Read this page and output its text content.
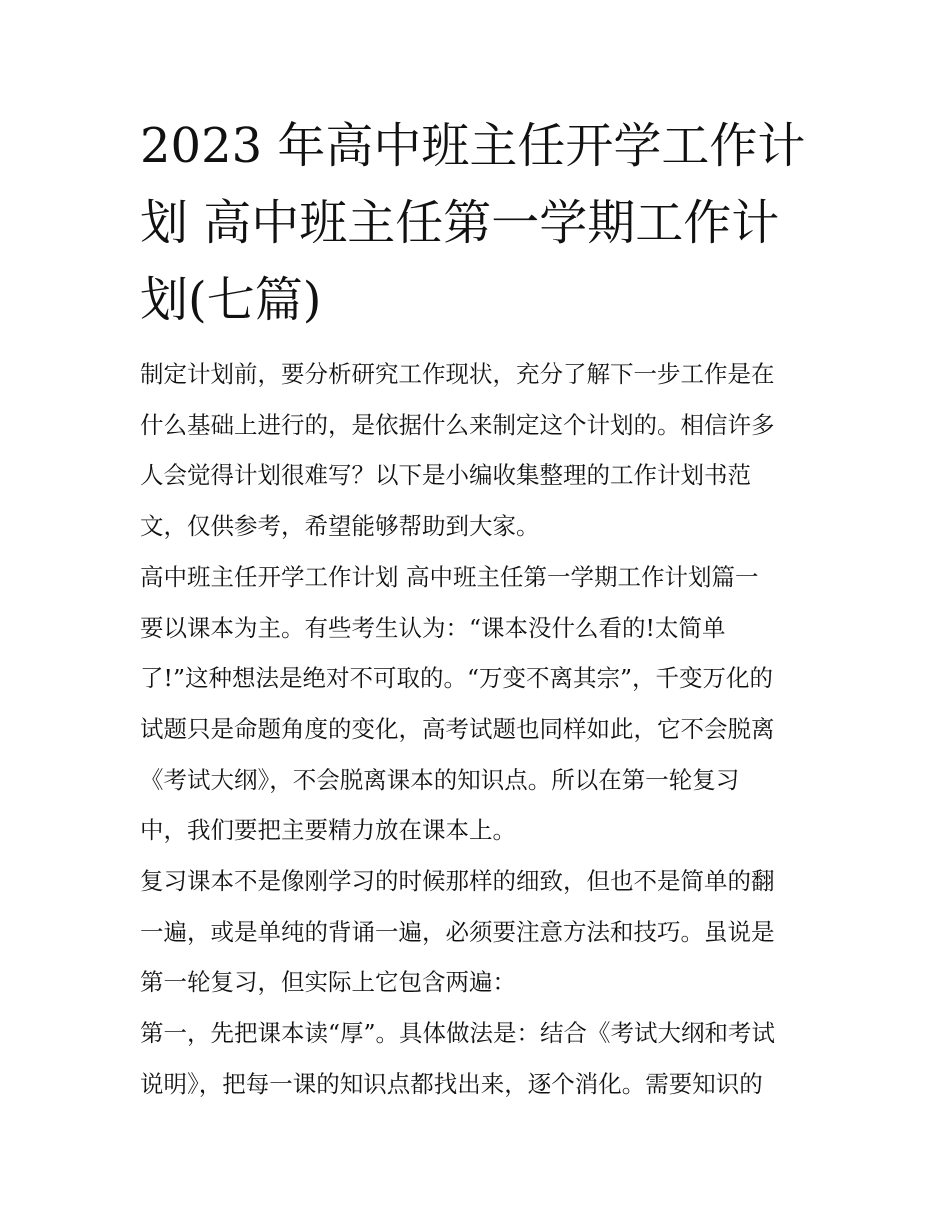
2023 年高中班主任开学工作计
划 高中班主任第一学期工作计
划(七篇)
制定计划前，要分析研究工作现状，充分了解下一步工作是在
什么基础上进行的，是依据什么来制定这个计划的。相信许多
人会觉得计划很难写？以下是小编收集整理的工作计划书范
文，仅供参考，希望能够帮助到大家。
高中班主任开学工作计划 高中班主任第一学期工作计划篇一
要以课本为主。有些考生认为：“课本没什么看的!太简单
了!”这种想法是绝对不可取的。“万变不离其宗”，千变万化的
试题只是命题角度的变化，高考试题也同样如此，它不会脱离
《考试大纲》，不会脱离课本的知识点。所以在第一轮复习
中，我们要把主要精力放在课本上。
复习课本不是像刚学习的时候那样的细致，但也不是简单的翻
一遍，或是单纯的背诵一遍，必须要注意方法和技巧。虽说是
第一轮复习，但实际上它包含两遍：
第一，先把课本读“厚”。具体做法是：结合《考试大纲和考试
说明》，把每一课的知识点都找出来，逐个消化。需要知识的
